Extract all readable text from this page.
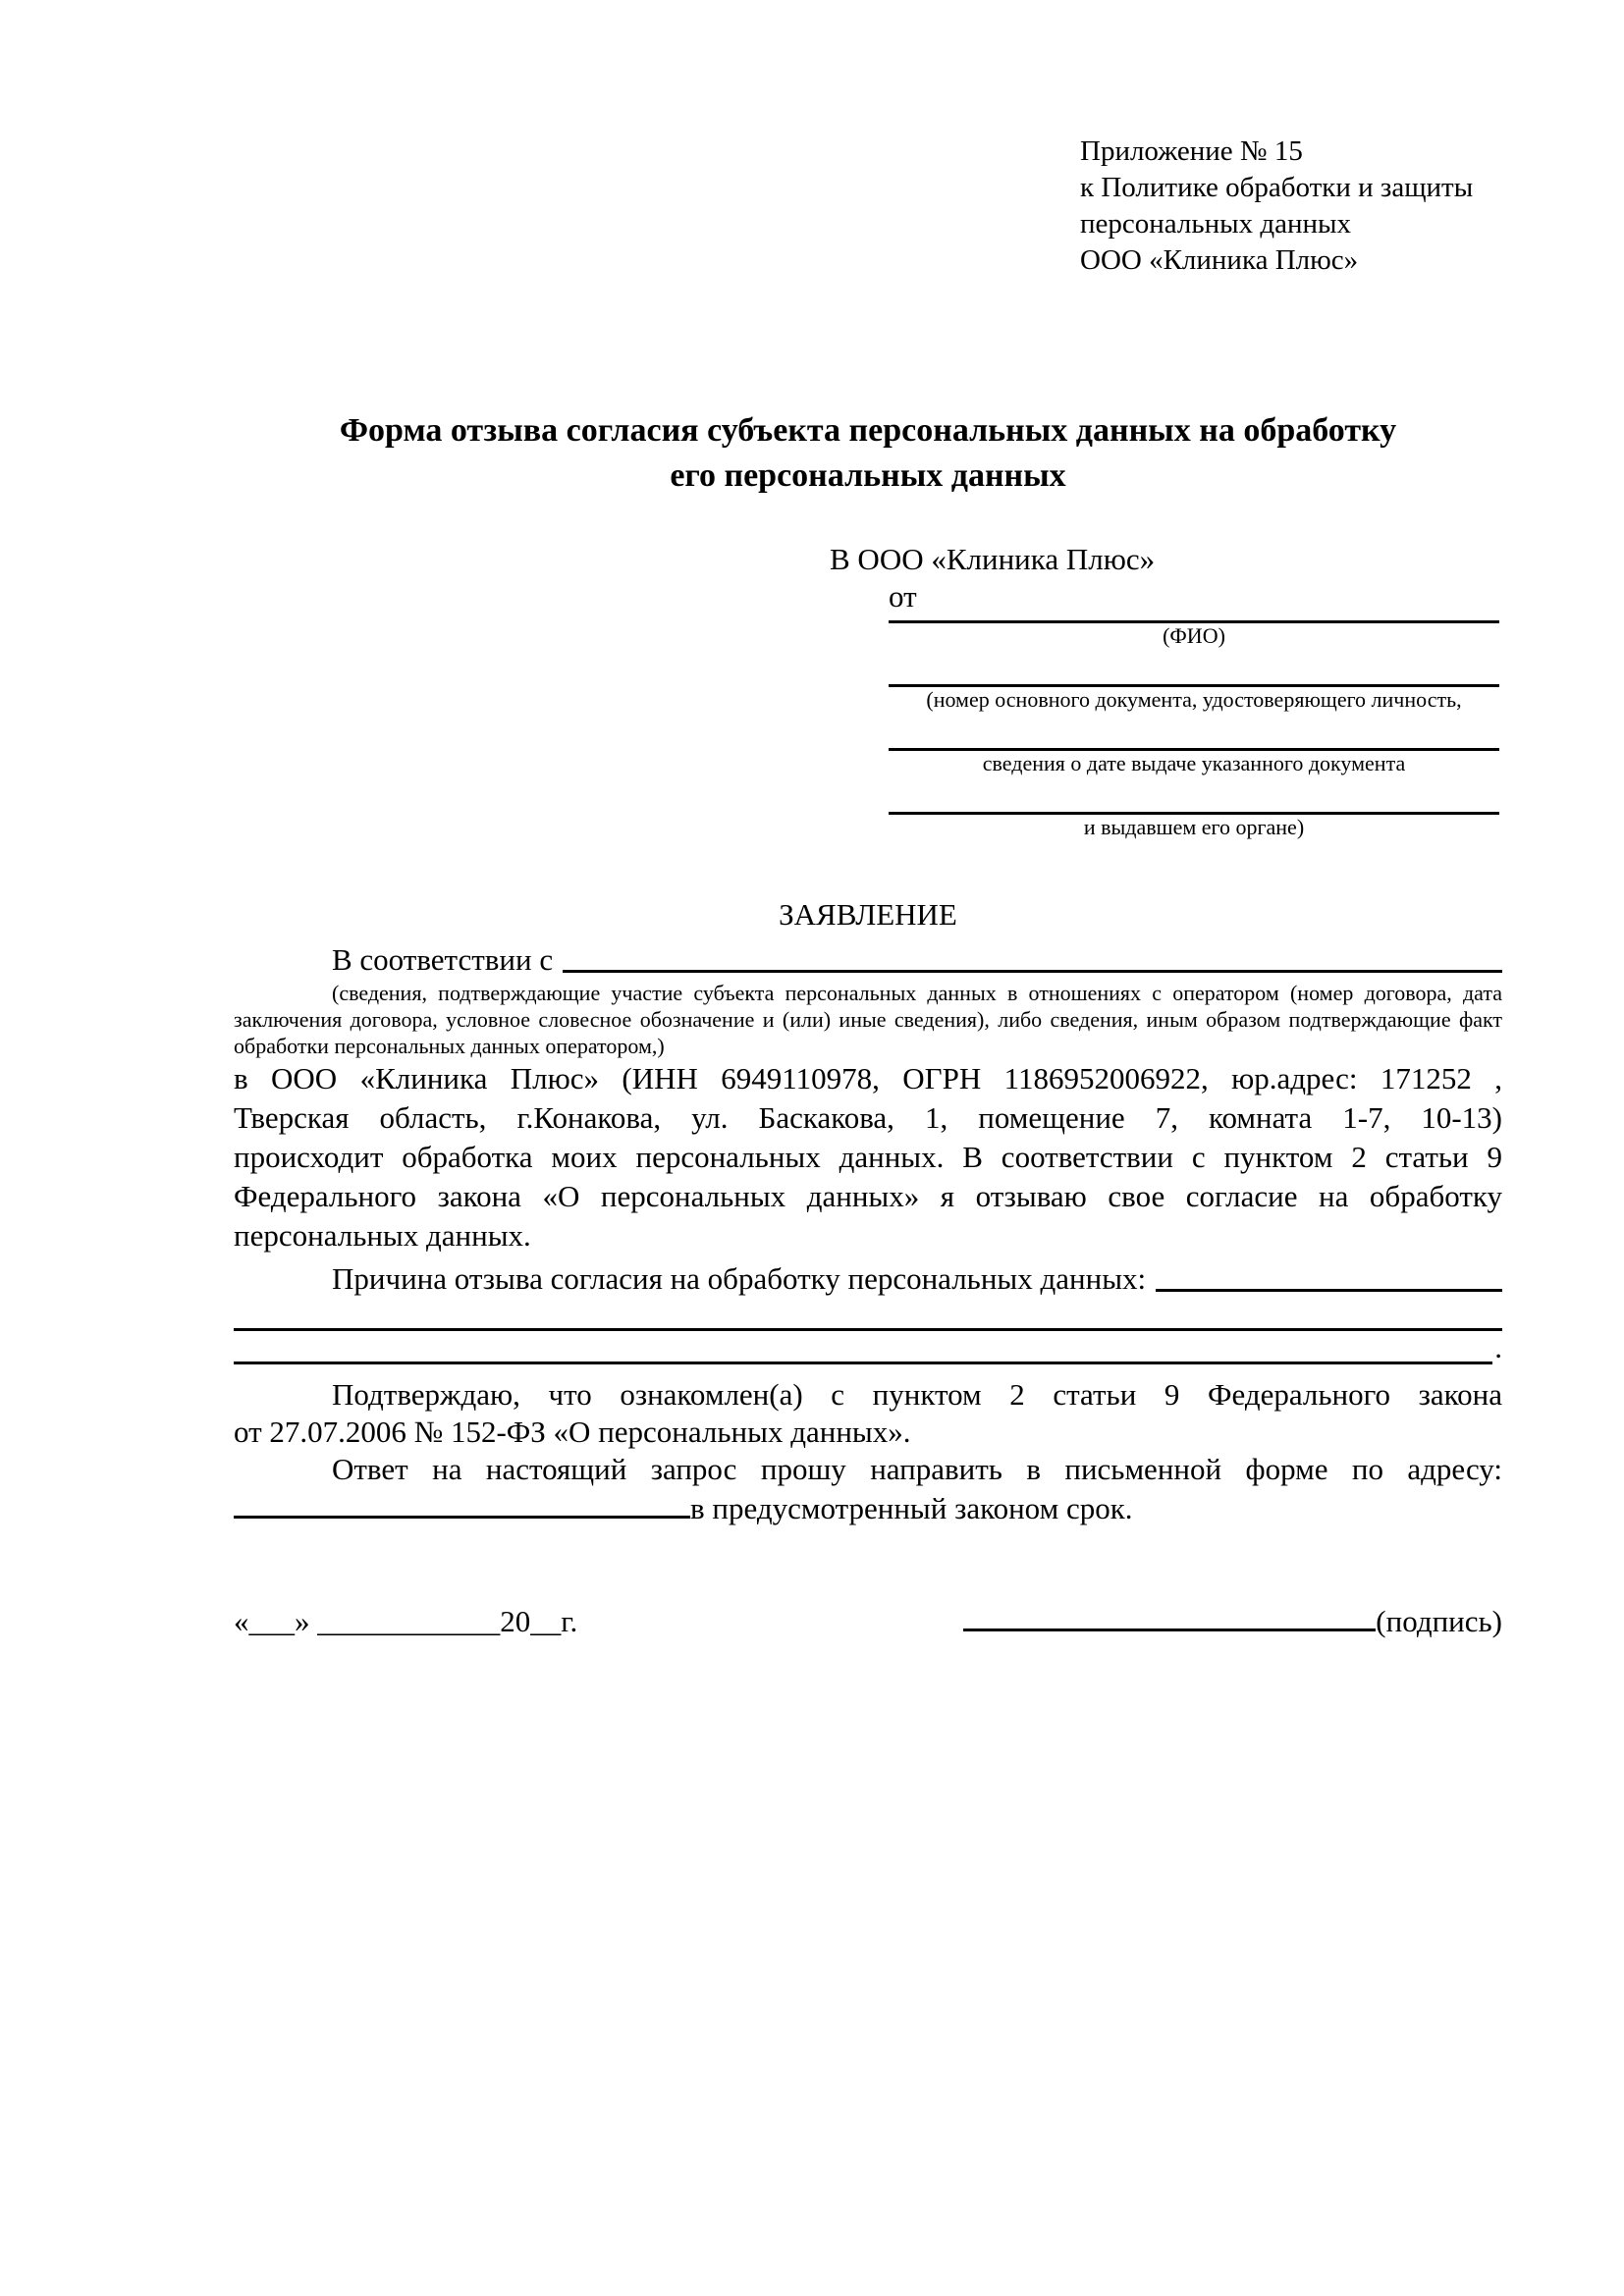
Приложение № 15
к Политике обработки и защиты
персональных данных
ООО «Клиника Плюс»
Форма отзыва согласия субъекта персональных данных на обработку
его персональных данных
В ООО «Клиника Плюс»
от
(ФИО)
(номер основного документа, удостоверяющего личность,
сведения о дате выдаче указанного документа
и выдавшем его органе)
ЗАЯВЛЕНИЕ
В соответствии с
(сведения, подтверждающие участие субъекта персональных данных в отношениях с оператором (номер договора, дата
заключения договора, условное словесное обозначение и (или) иные сведения), либо сведения, иным образом подтверждающие факт
обработки персональных данных оператором,)
в ООО «Клиника Плюс» (ИНН 6949110978, ОГРН 1186952006922, юр.адрес: 171252 ,
Тверская область, г.Конакова, ул. Баскакова, 1, помещение 7, комната 1-7, 10-13)
происходит обработка моих персональных данных. В соответствии с пунктом 2 статьи 9
Федерального закона «О персональных данных» я отзываю свое согласие на обработку
персональных данных.
Причина отзыва согласия на обработку персональных данных:
.
Подтверждаю, что ознакомлен(а) с пунктом 2 статьи 9 Федерального закона
от 27.07.2006 № 152-ФЗ «О персональных данных».
Ответ на настоящий запрос прошу направить в письменной форме по адресу:
в предусмотренный законом срок.
«___» ____________20__г.	(подпись)
